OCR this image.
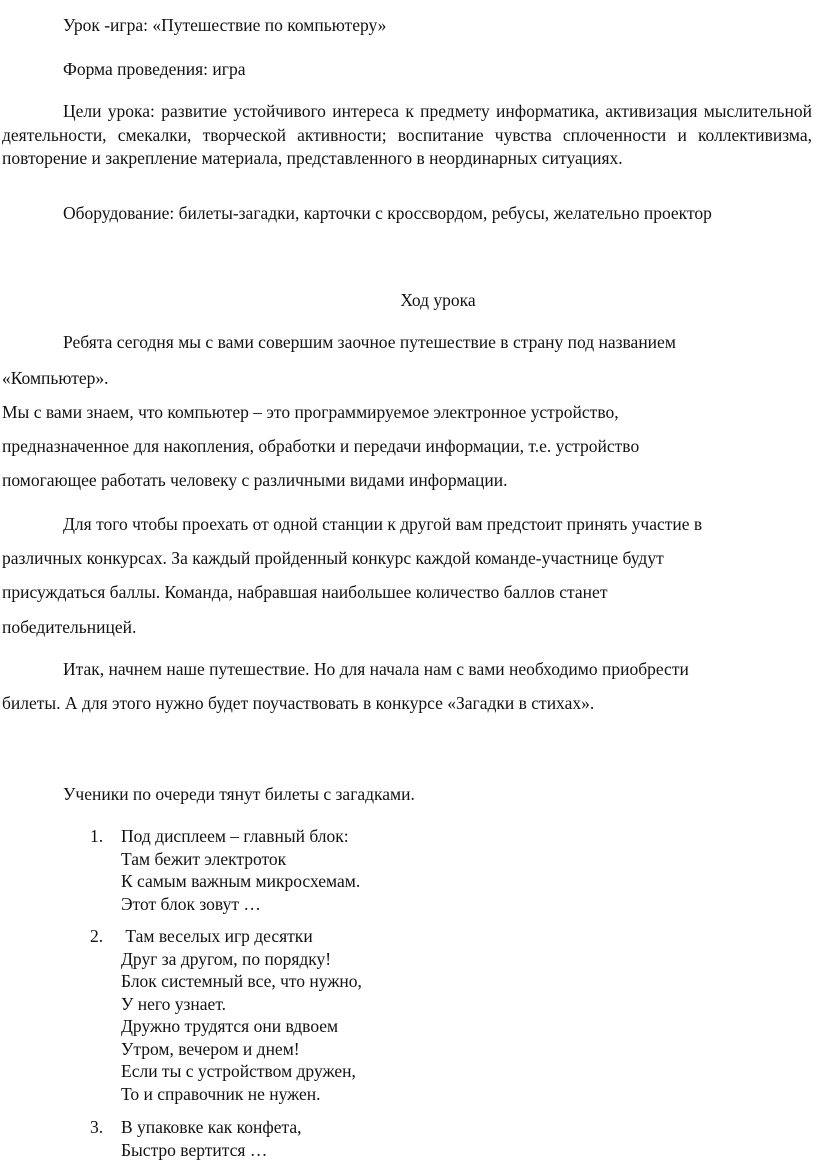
Урок -игра: «Путешествие по компьютеру»
Форма проведения: игра
Цели урока: развитие устойчивого интереса к предмету информатика, активизация мыслительной деятельности, смекалки, творческой активности; воспитание чувства сплоченности и коллективизма, повторение и закрепление материала, представленного в неординарных ситуациях.
Оборудование: билеты-загадки, карточки с кроссвордом, ребусы, желательно проектор
Ход урока
Ребята сегодня мы с вами совершим заочное путешествие в страну под названием
«Компьютер».
Мы с вами знаем, что компьютер – это программируемое электронное устройство,
предназначенное для накопления, обработки и передачи информации, т.е. устройство
помогающее работать человеку с различными видами информации.
Для того чтобы проехать от одной станции к другой вам предстоит принять участие в
различных конкурсах. За каждый пройденный конкурс каждой команде-участнице будут
присуждаться баллы. Команда, набравшая наибольшее количество баллов станет
победительницей.
Итак, начнем наше путешествие. Но для начала нам с вами необходимо приобрести
билеты. А для этого нужно будет поучаствовать в конкурсе «Загадки в стихах».
Ученики по очереди тянут билеты с загадками.
1. Под дисплеем – главный блок:
Там бежит электроток
К самым важным микросхемам.
Этот блок зовут …
2. Там веселых игр десятки
Друг за другом, по порядку!
Блок системный все, что нужно,
У него узнает.
Дружно трудятся они вдвоем
Утром, вечером и днем!
Если ты с устройством дружен,
То и справочник не нужен.
3. В упаковке как конфета,
Быстро вертится …
